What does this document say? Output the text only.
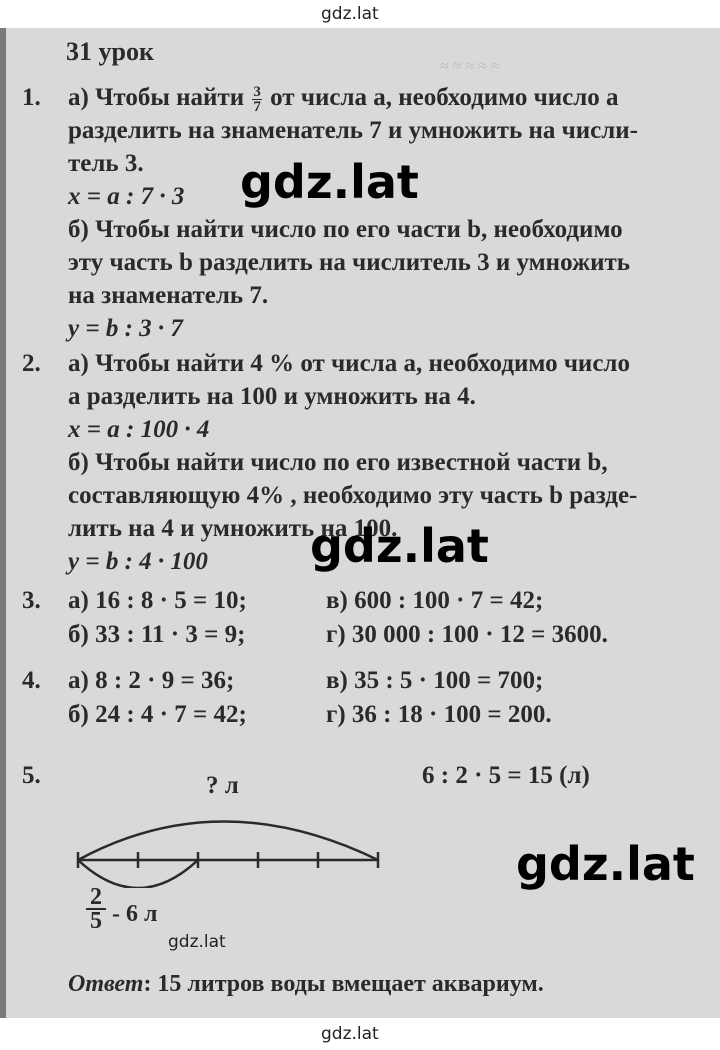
gdz.lat
≈ ≈ ≈ ≈ ≈
31 урок
1. а) Чтобы найти $\frac{3}{7}$ от числа a, необходимо число a
разделить на знаменатель 7 и умножить на числи-
тель 3.
x = a : 7 · 3
б) Чтобы найти число по его части b, необходимо
эту часть b разделить на числитель 3 и умножить
на знаменатель 7.
y = b : 3 · 7
2. а) Чтобы найти 4 % от числа a, необходимо число
a разделить на 100 и умножить на 4.
x = a : 100 · 4
б) Чтобы найти число по его известной части b,
составляющую 4% , необходимо эту часть b разде-
лить на 4 и умножить на 100.
y = b : 4 · 100
3. а) 16 : 8 · 5 = 10;	в) 600 : 100 · 7 = 42;
б) 33 : 11 · 3 = 9;	г) 30 000 : 100 · 12 = 3600.
4. а) 8 : 2 · 9 = 36;	в) 35 : 5 · 100 = 700;
б) 24 : 4 · 7 = 42;	г) 36 : 18 · 100 = 200.
5.	6 : 2 · 5 = 15 (л)
? л
$\frac{2}{5} - 6$ л
Ответ: 15 литров воды вмещает аквариум.
gdz.lat
gdz.lat
gdz.lat
gdz.lat
gdz.lat
